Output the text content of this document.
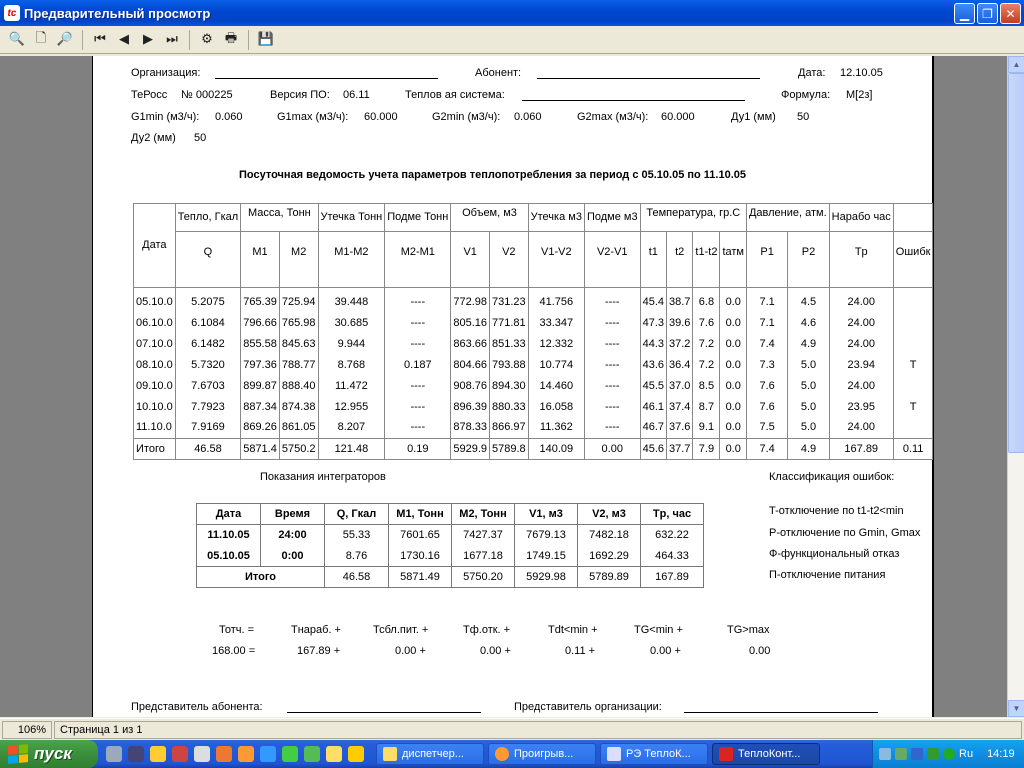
tc Предварительный просмотр	▁	❐	✕
🔍 🗋 🔎	⏮	◀	▶	⏭	⚙ 🖶	💾
Организация:	Абонент:	Дата: 12.10.05
ТеРосс № 000225	Версия ПО: 06.11	Теплов ая система:	Формула: M[2з]
G1min (м3/ч): 0.060	G1max (м3/ч): 60.000	G2min (м3/ч): 0.060	G2max (м3/ч): 60.000	Ду1 (мм) 50
Ду2 (мм) 50
Посуточная ведомость учета параметров теплопотребления за период с 05.10.05 по 11.10.05
Дата	Тепло, Гкал	Масса, Тонн		Утечка Тонн	Подме Тонн	Объем, м3		Утечка м3	Подме м3	Температура, гр.С				Давление, атм.		Нарабо час	
	Q	M1	M2	M1-M2	M2-M1	V1	V2	V1-V2	V2-V1	t1	t2	t1-t2	tатм	P1	P2	Tp	Ошибк
05.10.0	5.2075	765.39	725.94	39.448	----	772.98	731.23	41.756	----	45.4	38.7	6.8	0.0	7.1	4.5	24.00	
06.10.0	6.1084	796.66	765.98	30.685	----	805.16	771.81	33.347	----	47.3	39.6	7.6	0.0	7.1	4.6	24.00	
07.10.0	6.1482	855.58	845.63	9.944	----	863.66	851.33	12.332	----	44.3	37.2	7.2	0.0	7.4	4.9	24.00	
08.10.0	5.7320	797.36	788.77	8.768	0.187	804.66	793.88	10.774	----	43.6	36.4	7.2	0.0	7.3	5.0	23.94	T
09.10.0	7.6703	899.87	888.40	11.472	----	908.76	894.30	14.460	----	45.5	37.0	8.5	0.0	7.6	5.0	24.00	
10.10.0	7.7923	887.34	874.38	12.955	----	896.39	880.33	16.058	----	46.1	37.4	8.7	0.0	7.6	5.0	23.95	T
11.10.0	7.9169	869.26	861.05	8.207	----	878.33	866.97	11.362	----	46.7	37.6	9.1	0.0	7.5	5.0	24.00	
Итого	46.58	5871.4	5750.2	121.48	0.19	5929.9	5789.8	140.09	0.00	45.6	37.7	7.9	0.0	7.4	4.9	167.89	0.11
Показания интеграторов	Классификация ошибок:
Дата	Время	Q, Гкал	M1, Тонн	M2, Тонн	V1, м3	V2, м3	Tp, час
11.10.05	24:00	55.33	7601.65	7427.37	7679.13	7482.18	632.22
05.10.05	0:00	8.76	1730.16	1677.18	1749.15	1692.29	464.33
Итого		46.58	5871.49	5750.20	5929.98	5789.89	167.89
T-отключение по t1-t2<min
P-отключение по Gmin, Gmax
Ф-функциональный отказ
П-отключение питания
Тотч. =	Тнараб. +	Тсбл.пит. +	Тф.отк. +	Тdt<min +	TG<min +	TG>max
168.00 =	167.89 +	0.00 +	0.00 +	0.11 +	0.00 +	0.00
Представитель абонента:	Представитель организации:
▲
▼
106%	Страница 1 из 1
пуск	диспетчер...	Проигрыв...	РЭ ТеплоК...	ТеплоКонт...	Ru 14:19
